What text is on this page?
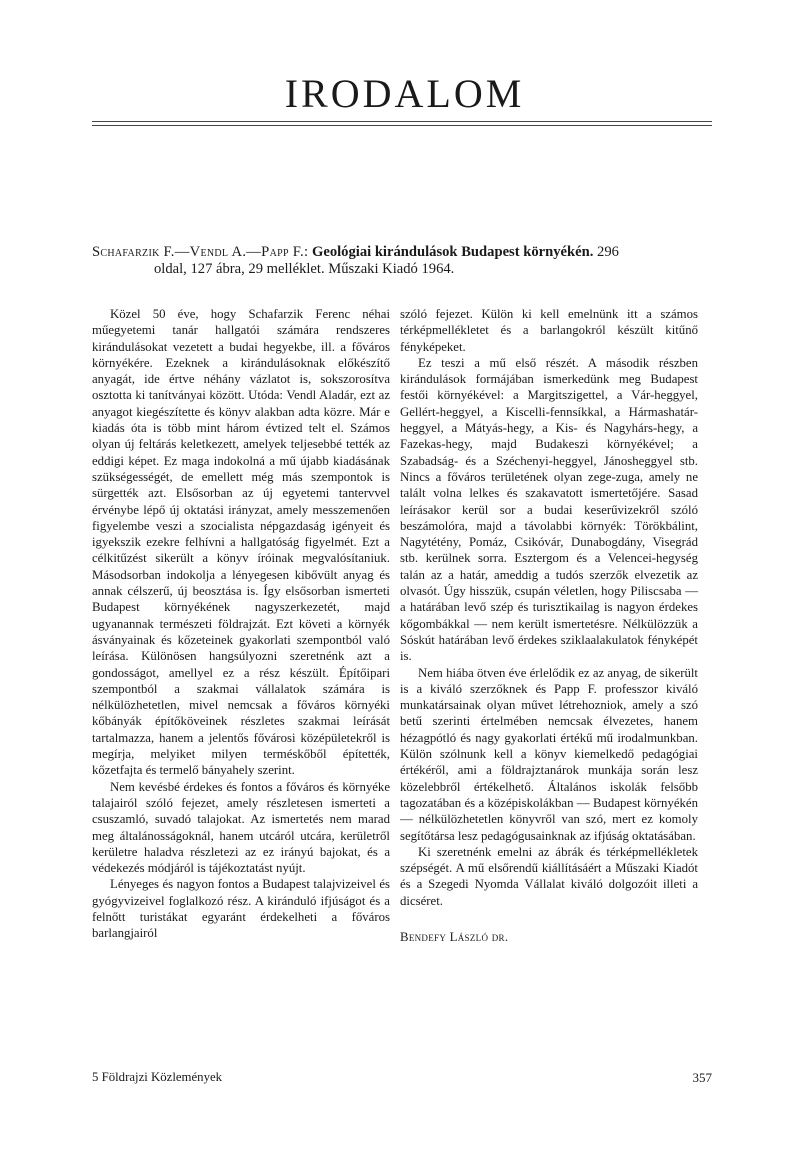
IRODALOM

Schafarzik F.—Vendl A.—Papp F.: Geológiai kirándulások Budapest környékén. 296

oldal, 127 ábra, 29 melléklet. Műszaki Kiadó 1964.

Közel 50 éve, hogy Schafarzik Ferenc néhai műegyetemi tanár hallgatói számára rendszeres kirándulásokat vezetett a budai hegyekbe, ill. a főváros környékére. Ezeknek a kirándulásoknak előkészítő anyagát, ide értve néhány vázlatot is, sokszorosítva osztotta ki tanítványai között. Utóda: Vendl Aladár, ezt az anyagot kiegészítette és könyv alakban adta közre. Már e kiadás óta is több mint három évtized telt el. Számos olyan új feltárás keletkezett, amelyek teljesebbé tették az eddigi képet. Ez maga indokolná a mű újabb kiadásának szükségességét, de emellett még más szempontok is sürgették azt. Elsősorban az új egyetemi tantervvel érvénybe lépő új oktatási irányzat, amely messzemenően figyelembe veszi a szocialista népgazdaság igényeit és igyekszik ezekre felhívni a hallgatóság figyelmét. Ezt a célkitűzést sikerült a könyv íróinak megvalósítaniuk. Másodsorban indokolja a lényegesen kibővült anyag és annak célszerű, új beosztása is. Így elsősorban ismerteti Budapest környékének nagyszerkezetét, majd ugyanannak természeti földrajzát. Ezt követi a környék ásványainak és kőzeteinek gyakorlati szempontból való leírása. Különösen hangsúlyozni szeretnénk azt a gondosságot, amellyel ez a rész készült. Építőipari szempontból a szakmai vállalatok számára is nélkülözhetetlen, mivel nemcsak a főváros környéki kőbányák építőköveinek részletes szakmai leírását tartalmazza, hanem a jelentős fővárosi középületekről is megírja, melyiket milyen terméskőből építették, kőzetfajta és termelő bányahely szerint.

Nem kevésbé érdekes és fontos a főváros és környéke talajairól szóló fejezet, amely részletesen ismerteti a csuszamló, suvadó talajokat. Az ismertetés nem marad meg általánosságoknál, hanem utcáról utcára, kerületről kerületre haladva részletezi az ez irányú bajokat, és a védekezés módjáról is tájékoztatást nyújt.

Lényeges és nagyon fontos a Budapest talajvizeivel és gyógyvizeivel foglalkozó rész. A kiránduló ifjúságot és a felnőtt turistákat egyaránt érdekelheti a főváros barlangjairól

szóló fejezet. Külön ki kell emelnünk itt a számos térképmellékletet és a barlangokról készült kitűnő fényképeket.

Ez teszi a mű első részét. A második részben kirándulások formájában ismerkedünk meg Budapest festői környékével: a Margitszigettel, a Vár-heggyel, Gellért-heggyel, a Kiscelli-fennsíkkal, a Hármashatár-heggyel, a Mátyás-hegy, a Kis- és Nagyhárs-hegy, a Fazekas-hegy, majd Budakeszi környékével; a Szabadság- és a Széchenyi-heggyel, Jánosheggyel stb. Nincs a főváros területének olyan zege-zuga, amely ne talált volna lelkes és szakavatott ismertetőjére. Sasad leírásakor kerül sor a budai keserűvizekről szóló beszámolóra, majd a távolabbi környék: Törökbálint, Nagytétény, Pomáz, Csikóvár, Dunabogdány, Visegrád stb. kerülnek sorra. Esztergom és a Velencei-hegység talán az a határ, ameddig a tudós szerzők elvezetik az olvasót. Úgy hisszük, csupán véletlen, hogy Piliscsaba — a határában levő szép és turisztikailag is nagyon érdekes kőgombákkal — nem került ismertetésre. Nélkülözzük a Sóskút határában levő érdekes sziklaalakulatok fényképét is.

Nem hiába ötven éve érlelődik ez az anyag, de sikerült is a kiváló szerzőknek és Papp F. professzor kiváló munkatársainak olyan művet létrehozniok, amely a szó betű szerinti értelmében nemcsak élvezetes, hanem hézagpótló és nagy gyakorlati értékű mű irodalmunkban. Külön szólnunk kell a könyv kiemelkedő pedagógiai értékéről, ami a földrajztanárok munkája során lesz közelebbről értékelhető. Általános iskolák felsőbb tagozatában és a középiskolákban — Budapest környékén — nélkülözhetetlen könyvről van szó, mert ez komoly segítőtársa lesz pedagógusainknak az ifjúság oktatásában.

Ki szeretnénk emelni az ábrák és térképmellékletek szépségét. A mű elsőrendű kiállításáért a Műszaki Kiadót és a Szegedi Nyomda Vállalat kiváló dolgozóit illeti a dicséret.

Bendefy László dr.

5 Földrajzi Közlemények	357
